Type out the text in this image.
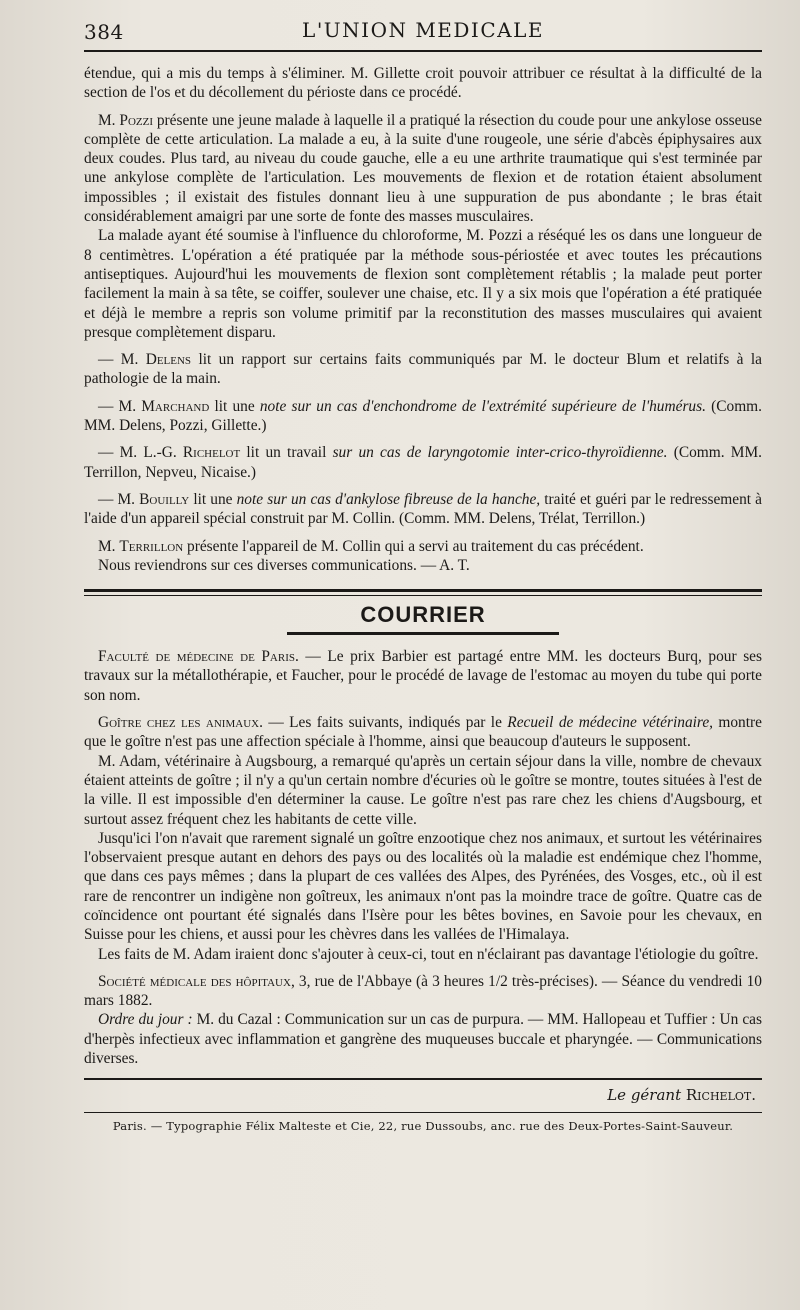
384	L'UNION MEDICALE

étendue, qui a mis du temps à s'éliminer. M. Gillette croit pouvoir attribuer ce résultat à la difficulté de la section de l'os et du décollement du périoste dans ce procédé.

M. Pozzi présente une jeune malade à laquelle il a pratiqué la résection du coude pour une ankylose osseuse complète de cette articulation. La malade a eu, à la suite d'une rougeole, une série d'abcès épiphysaires aux deux coudes. Plus tard, au niveau du coude gauche, elle a eu une arthrite traumatique qui s'est terminée par une ankylose complète de l'articulation. Les mouvements de flexion et de rotation étaient absolument impossibles ; il existait des fistules donnant lieu à une suppuration de pus abondante ; le bras était considérablement amaigri par une sorte de fonte des masses musculaires.

La malade ayant été soumise à l'influence du chloroforme, M. Pozzi a réséqué les os dans une longueur de 8 centimètres. L'opération a été pratiquée par la méthode sous-périostée et avec toutes les précautions antiseptiques. Aujourd'hui les mouvements de flexion sont complètement rétablis ; la malade peut porter facilement la main à sa tête, se coiffer, soulever une chaise, etc. Il y a six mois que l'opération a été pratiquée et déjà le membre a repris son volume primitif par la reconstitution des masses musculaires qui avaient presque complètement disparu.

— M. Delens lit un rapport sur certains faits communiqués par M. le docteur Blum et relatifs à la pathologie de la main.

— M. Marchand lit une note sur un cas d'enchondrome de l'extrémité supérieure de l'humérus. (Comm. MM. Delens, Pozzi, Gillette.)

— M. L.-G. Richelot lit un travail sur un cas de laryngotomie inter-crico-thyroïdienne. (Comm. MM. Terrillon, Nepveu, Nicaise.)

— M. Bouilly lit une note sur un cas d'ankylose fibreuse de la hanche, traité et guéri par le redressement à l'aide d'un appareil spécial construit par M. Collin. (Comm. MM. Delens, Trélat, Terrillon.)

M. Terrillon présente l'appareil de M. Collin qui a servi au traitement du cas précédent.

Nous reviendrons sur ces diverses communications. — A. T.

COURRIER

Faculté de médecine de Paris. — Le prix Barbier est partagé entre MM. les docteurs Burq, pour ses travaux sur la métallothérapie, et Faucher, pour le procédé de lavage de l'estomac au moyen du tube qui porte son nom.

Goître chez les animaux. — Les faits suivants, indiqués par le Recueil de médecine vétérinaire, montre que le goître n'est pas une affection spéciale à l'homme, ainsi que beaucoup d'auteurs le supposent.

M. Adam, vétérinaire à Augsbourg, a remarqué qu'après un certain séjour dans la ville, nombre de chevaux étaient atteints de goître ; il n'y a qu'un certain nombre d'écuries où le goître se montre, toutes situées à l'est de la ville. Il est impossible d'en déterminer la cause. Le goître n'est pas rare chez les chiens d'Augsbourg, et surtout assez fréquent chez les habitants de cette ville.

Jusqu'ici l'on n'avait que rarement signalé un goître enzootique chez nos animaux, et surtout les vétérinaires l'observaient presque autant en dehors des pays ou des localités où la maladie est endémique chez l'homme, que dans ces pays mêmes ; dans la plupart de ces vallées des Alpes, des Pyrénées, des Vosges, etc., où il est rare de rencontrer un indigène non goîtreux, les animaux n'ont pas la moindre trace de goître. Quatre cas de coïncidence ont pourtant été signalés dans l'Isère pour les bêtes bovines, en Savoie pour les chevaux, en Suisse pour les chiens, et aussi pour les chèvres dans les vallées de l'Himalaya.

Les faits de M. Adam iraient donc s'ajouter à ceux-ci, tout en n'éclairant pas davantage l'étiologie du goître.

Société médicale des hôpitaux, 3, rue de l'Abbaye (à 3 heures 1/2 très-précises). — Séance du vendredi 10 mars 1882.

Ordre du jour : M. du Cazal : Communication sur un cas de purpura. — MM. Hallopeau et Tuffier : Un cas d'herpès infectieux avec inflammation et gangrène des muqueuses buccale et pharyngée. — Communications diverses.

Le gérant Richelot.
Paris. — Typographie Félix Malteste et Cie, 22, rue Dussoubs, anc. rue des Deux-Portes-Saint-Sauveur.
